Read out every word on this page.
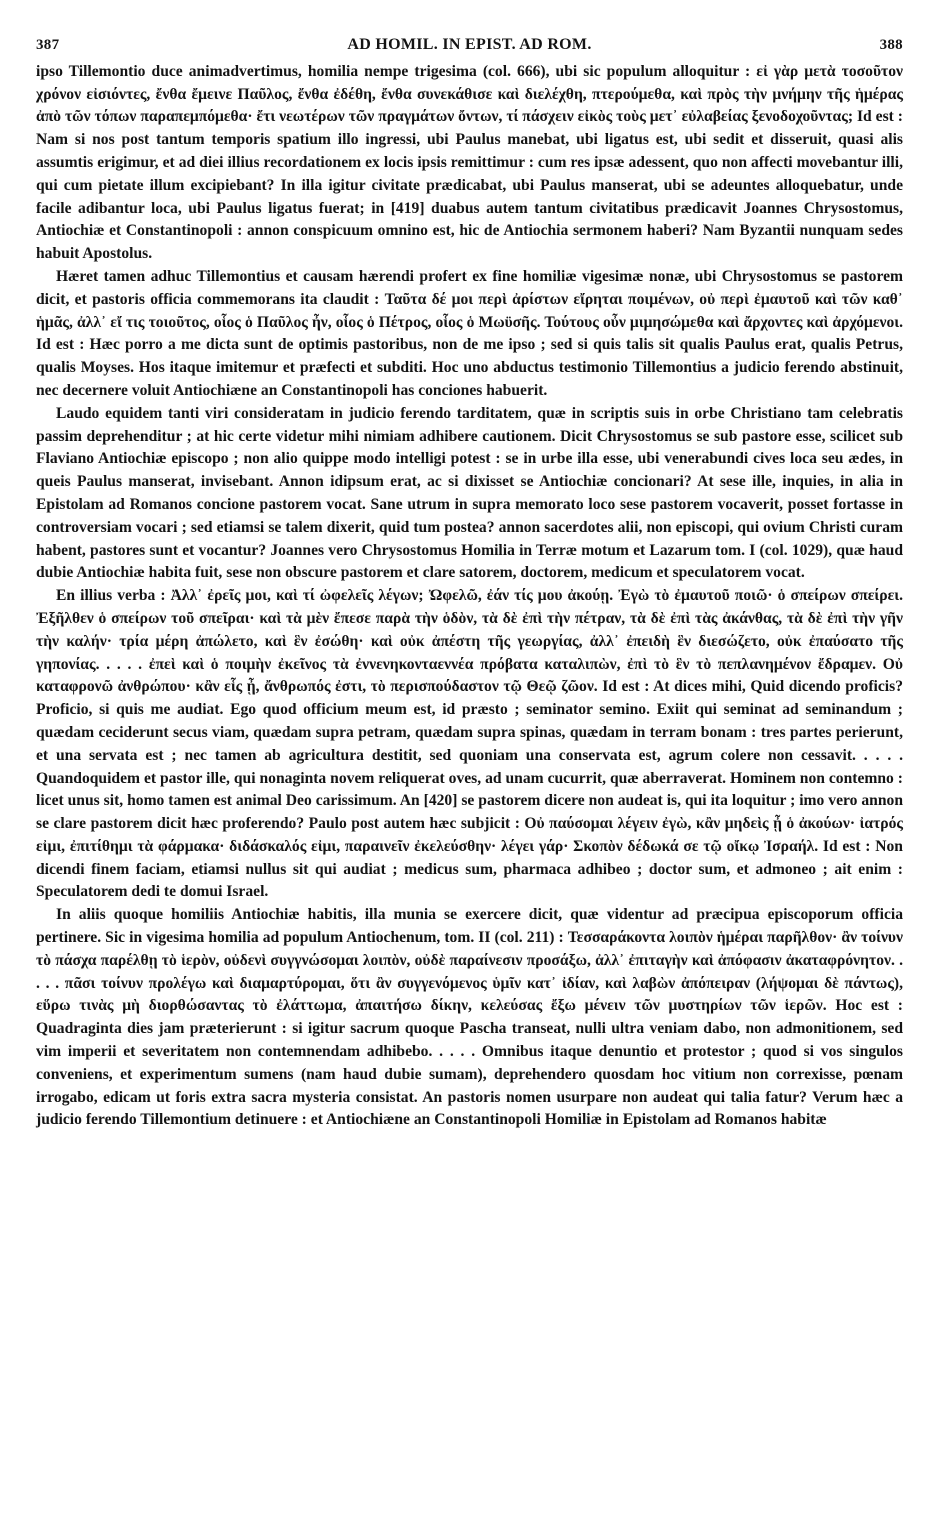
387	AD HOMIL. IN EPIST. AD ROM.	388

ipso Tillemontio duce animadvertimus, homilia nempe trigesima (col. 666), ubi sic populum alloquitur : εἰ γὰρ μετὰ τοσοῦτον χρόνον εἰσιόντες, ἔνθα ἔμεινε Παῦλος, ἔνθα ἐδέθη, ἔνθα συνεκάθισε καὶ διελέχθη, πτερούμεθα, καὶ πρὸς τὴν μνήμην τῆς ἡμέρας ἀπὸ τῶν τόπων παραπεμπόμεθα· ἔτι νεωτέρων τῶν πραγμάτων ὄντων, τί πάσχειν εἰκὸς τοὺς μετ᾽ εὐλαβείας ξενοδοχοῦντας; Id est : Nam si nos post tantum temporis spatium illo ingressi, ubi Paulus manebat, ubi ligatus est, ubi sedit et disseruit, quasi alis assumtis erigimur, et ad diei illius recordationem ex locis ipsis remittimur : cum res ipsæ adessent, quo non affecti movebantur illi, qui cum pietate illum excipiebant? In illa igitur civitate prædicabat, ubi Paulus manserat, ubi se adeuntes alloquebatur, unde facile adibantur loca, ubi Paulus ligatus fuerat; in [419] duabus autem tantum civitatibus prædicavit Joannes Chrysostomus, Antiochiæ et Constantinopoli : annon conspicuum omnino est, hic de Antiochia sermonem haberi? Nam Byzantii nunquam sedes habuit Apostolus.

Hæret tamen adhuc Tillemontius et causam hærendi profert ex fine homiliæ vigesimæ nonæ, ubi Chrysostomus se pastorem dicit, et pastoris officia commemorans ita claudit : Ταῦτα δέ μοι περὶ ἀρίστων εἴρηται ποιμένων, οὐ περὶ ἐμαυτοῦ καὶ τῶν καθ᾽ ἡμᾶς, ἀλλ᾽ εἴ τις τοιοῦτος, οἷος ὁ Παῦλος ἦν, οἷος ὁ Πέτρος, οἷος ὁ Μωϋσῆς. Τούτους οὖν μιμησώμεθα καὶ ἄρχοντες καὶ ἀρχόμενοι. Id est : Hæc porro a me dicta sunt de optimis pastoribus, non de me ipso ; sed si quis talis sit qualis Paulus erat, qualis Petrus, qualis Moyses. Hos itaque imitemur et præfecti et subditi. Hoc uno abductus testimonio Tillemontius a judicio ferendo abstinuit, nec decernere voluit Antiochiæne an Constantinopoli has conciones habuerit.

Laudo equidem tanti viri consideratam in judicio ferendo tarditatem, quæ in scriptis suis in orbe Christiano tam celebratis passim deprehenditur ; at hic certe videtur mihi nimiam adhibere cautionem. Dicit Chrysostomus se sub pastore esse, scilicet sub Flaviano Antiochiæ episcopo ; non alio quippe modo intelligi potest : se in urbe illa esse, ubi venerabundi cives loca seu ædes, in queis Paulus manserat, invisebant. Annon idipsum erat, ac si dixisset se Antiochiæ concionari? At sese ille, inquies, in alia in Epistolam ad Romanos concione pastorem vocat. Sane utrum in supra memorato loco sese pastorem vocaverit, posset fortasse in controversiam vocari ; sed etiamsi se talem dixerit, quid tum postea? annon sacerdotes alii, non episcopi, qui ovium Christi curam habent, pastores sunt et vocantur? Joannes vero Chrysostomus Homilia in Terræ motum et Lazarum tom. I (col. 1029), quæ haud dubie Antiochiæ habita fuit, sese non obscure pastorem et clare satorem, doctorem, medicum et speculatorem vocat.

En illius verba : Ἀλλ᾽ ἐρεῖς μοι, καὶ τί ὠφελεῖς λέγων; Ὠφελῶ, ἐάν τίς μου ἀκούῃ. Ἐγὼ τὸ ἐμαυτοῦ ποιῶ· ὁ σπείρων σπείρει. Ἐξῆλθεν ὁ σπείρων τοῦ σπεῖραι· καὶ τὰ μὲν ἔπεσε παρὰ τὴν ὁδὸν, τὰ δὲ ἐπὶ τὴν πέτραν, τὰ δὲ ἐπὶ τὰς ἀκάνθας, τὰ δὲ ἐπὶ τὴν γῆν τὴν καλήν· τρία μέρη ἀπώλετο, καὶ ἓν ἐσώθη· καὶ οὐκ ἀπέστη τῆς γεωργίας, ἀλλ᾽ ἐπειδὴ ἓν διεσώζετο, οὐκ ἐπαύσατο τῆς γηπονίας. . . . . ἐπεὶ καὶ ὁ ποιμὴν ἐκεῖνος τὰ ἐννενηκονταεννέα πρόβατα καταλιπὼν, ἐπὶ τὸ ἓν τὸ πεπλανημένον ἔδραμεν. Οὐ καταφρονῶ ἀνθρώπου· κἂν εἷς ᾖ, ἄνθρωπός ἐστι, τὸ περισπούδαστον τῷ Θεῷ ζῶον. Id est : At dices mihi, Quid dicendo proficis? Proficio, si quis me audiat. Ego quod officium meum est, id præsto ; seminator semino. Exiit qui seminat ad seminandum ; quædam ceciderunt secus viam, quædam supra petram, quædam supra spinas, quædam in terram bonam : tres partes perierunt, et una servata est ; nec tamen ab agricultura destitit, sed quoniam una conservata est, agrum colere non cessavit. . . . . Quandoquidem et pastor ille, qui nonaginta novem reliquerat oves, ad unam cucurrit, quæ aberraverat. Hominem non contemno : licet unus sit, homo tamen est animal Deo carissimum. An [420] se pastorem dicere non audeat is, qui ita loquitur ; imo vero annon se clare pastorem dicit hæc proferendo? Paulo post autem hæc subjicit : Οὐ παύσομαι λέγειν ἐγὼ, κἂν μηδεὶς ᾖ ὁ ἀκούων· ἰατρός εἰμι, ἐπιτίθημι τὰ φάρμακα· διδάσκαλός εἰμι, παραινεῖν ἐκελεύσθην· λέγει γάρ· Σκοπὸν δέδωκά σε τῷ οἴκῳ Ἰσραήλ. Id est : Non dicendi finem faciam, etiamsi nullus sit qui audiat ; medicus sum, pharmaca adhibeo ; doctor sum, et admoneo ; ait enim : Speculatorem dedi te domui Israel.

In aliis quoque homiliis Antiochiæ habitis, illa munia se exercere dicit, quæ videntur ad præcipua episcoporum officia pertinere. Sic in vigesima homilia ad populum Antiochenum, tom. II (col. 211) : Τεσσαράκοντα λοιπὸν ἡμέραι παρῆλθον· ἂν τοίνυν τὸ πάσχα παρέλθῃ τὸ ἱερὸν, οὐδενὶ συγγνώσομαι λοιπὸν, οὐδὲ παραίνεσιν προσάξω, ἀλλ᾽ ἐπιταγὴν καὶ ἀπόφασιν ἀκαταφρόνητον. . . . . πᾶσι τοίνυν προλέγω καὶ διαμαρτύρομαι, ὅτι ἂν συγγενόμενος ὑμῖν κατ᾽ ἰδίαν, καὶ λαβὼν ἀπόπειραν (λήψομαι δὲ πάντως), εὕρω τινὰς μὴ διορθώσαντας τὸ ἐλάττωμα, ἀπαιτήσω δίκην, κελεύσας ἔξω μένειν τῶν μυστηρίων τῶν ἱερῶν. Hoc est : Quadraginta dies jam præterierunt : si igitur sacrum quoque Pascha transeat, nulli ultra veniam dabo, non admonitionem, sed vim imperii et severitatem non contemnendam adhibebo. . . . . Omnibus itaque denuntio et protestor ; quod si vos singulos conveniens, et experimentum sumens (nam haud dubie sumam), deprehendero quosdam hoc vitium non correxisse, pœnam irrogabo, edicam ut foris extra sacra mysteria consistat. An pastoris nomen usurpare non audeat qui talia fatur? Verum hæc a judicio ferendo Tillemontium detinuere : et Antiochiæne an Constantinopoli Homiliæ in Epistolam ad Romanos habitæ
